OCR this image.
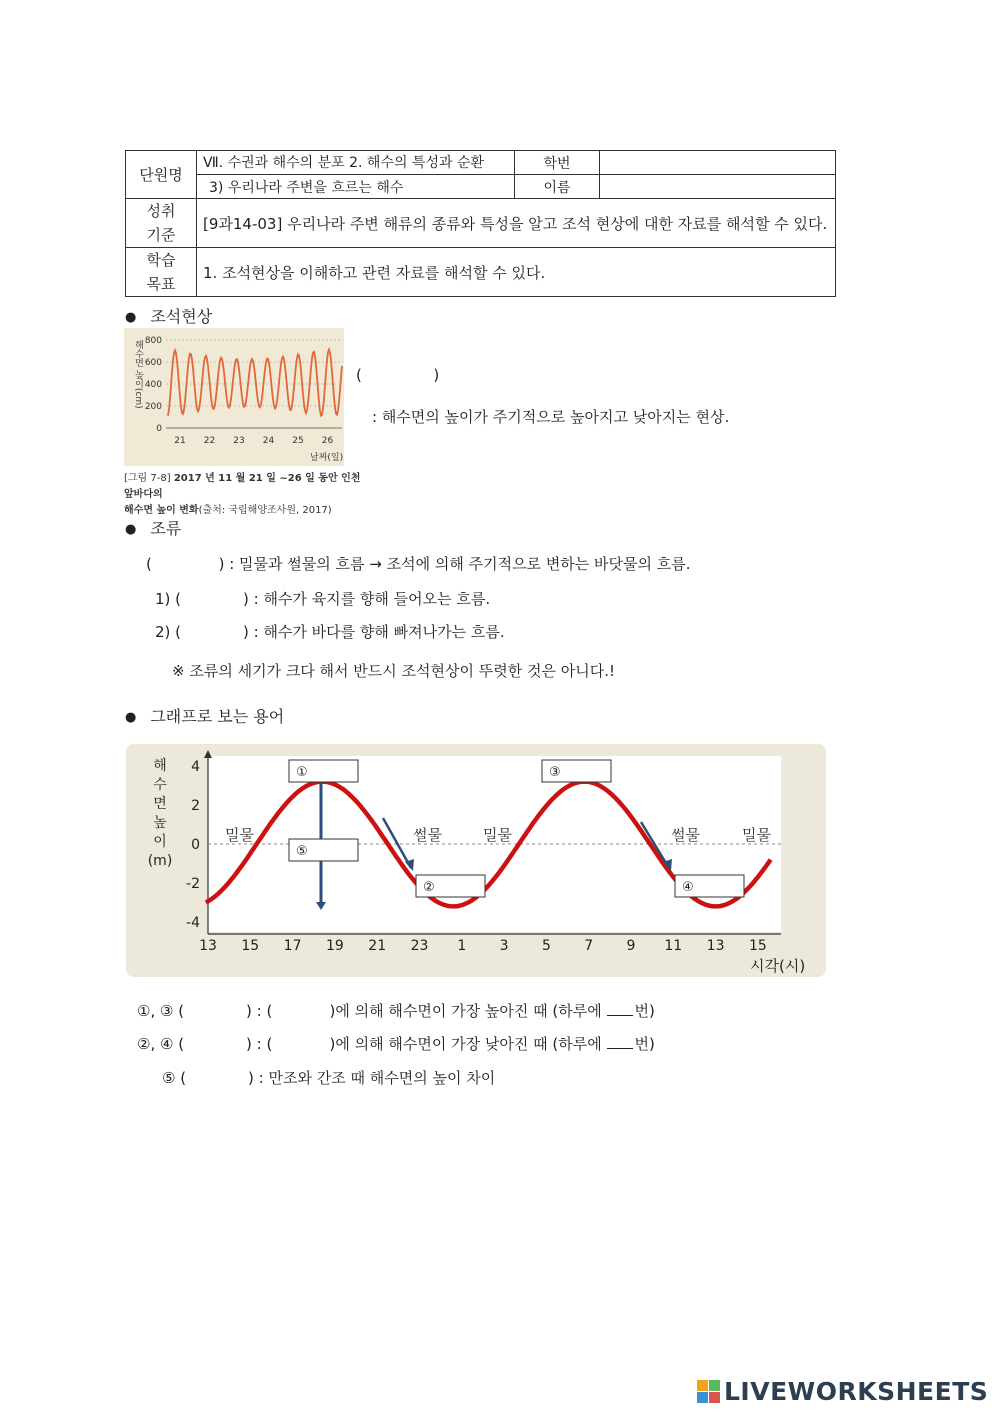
단원명	Ⅶ. 수권과 해수의 분포 2. 해수의 특성과 순환	학번	
	3) 우리나라 주변을 흐르는 해수	이름	

성취
기준	[9과14-03] 우리나라 주변 해류의 종류와 특성을 알고 조석 현상에 대한 자료를 해석할 수 있다.		

학습
목표	1. 조석현상을 이해하고 관련 자료를 해석할 수 있다.		
● 조석현상
800
600
400
200
0
21 22 23 24 25 26
해수면 높이(cm)
날짜(일)
[그림 7-8] 2017 년 11 월 21 일 ~26 일 동안 인천 앞바다의
해수면 높이 변화(출처: 국립해양조사원, 2017)
(               )
: 해수면의 높이가 주기적으로 높아지고 낮아지는 현상.
● 조류
(              ) : 밀물과 썰물의 흐름 → 조석에 의해 주기적으로 변하는 바닷물의 흐름.
1) (             ) : 해수가 육지를 향해 들어오는 흐름.
2) (             ) : 해수가 바다를 향해 빠져나가는 흐름.
※ 조류의 세기가 크다 해서 반드시 조석현상이 뚜렷한 것은 아니다.!
● 그래프로 보는 용어
해
수
면
높
이
(m)
4
2
0
-2
-4
13 15 17 19 21 23 1 3 5 7 9 11 13 15
밀물	썰물	밀물	썰물	밀물
①
②
③
④
⑤
시각(시)
①, ③ (             ) : (            )에 의해 해수면이 가장 높아진 때 (하루에 번)
②, ④ (             ) : (            )에 의해 해수면이 가장 낮아진 때 (하루에 번)
⑤ (             ) : 만조와 간조 때 해수면의 높이 차이
LIVEWORKSHEETS
